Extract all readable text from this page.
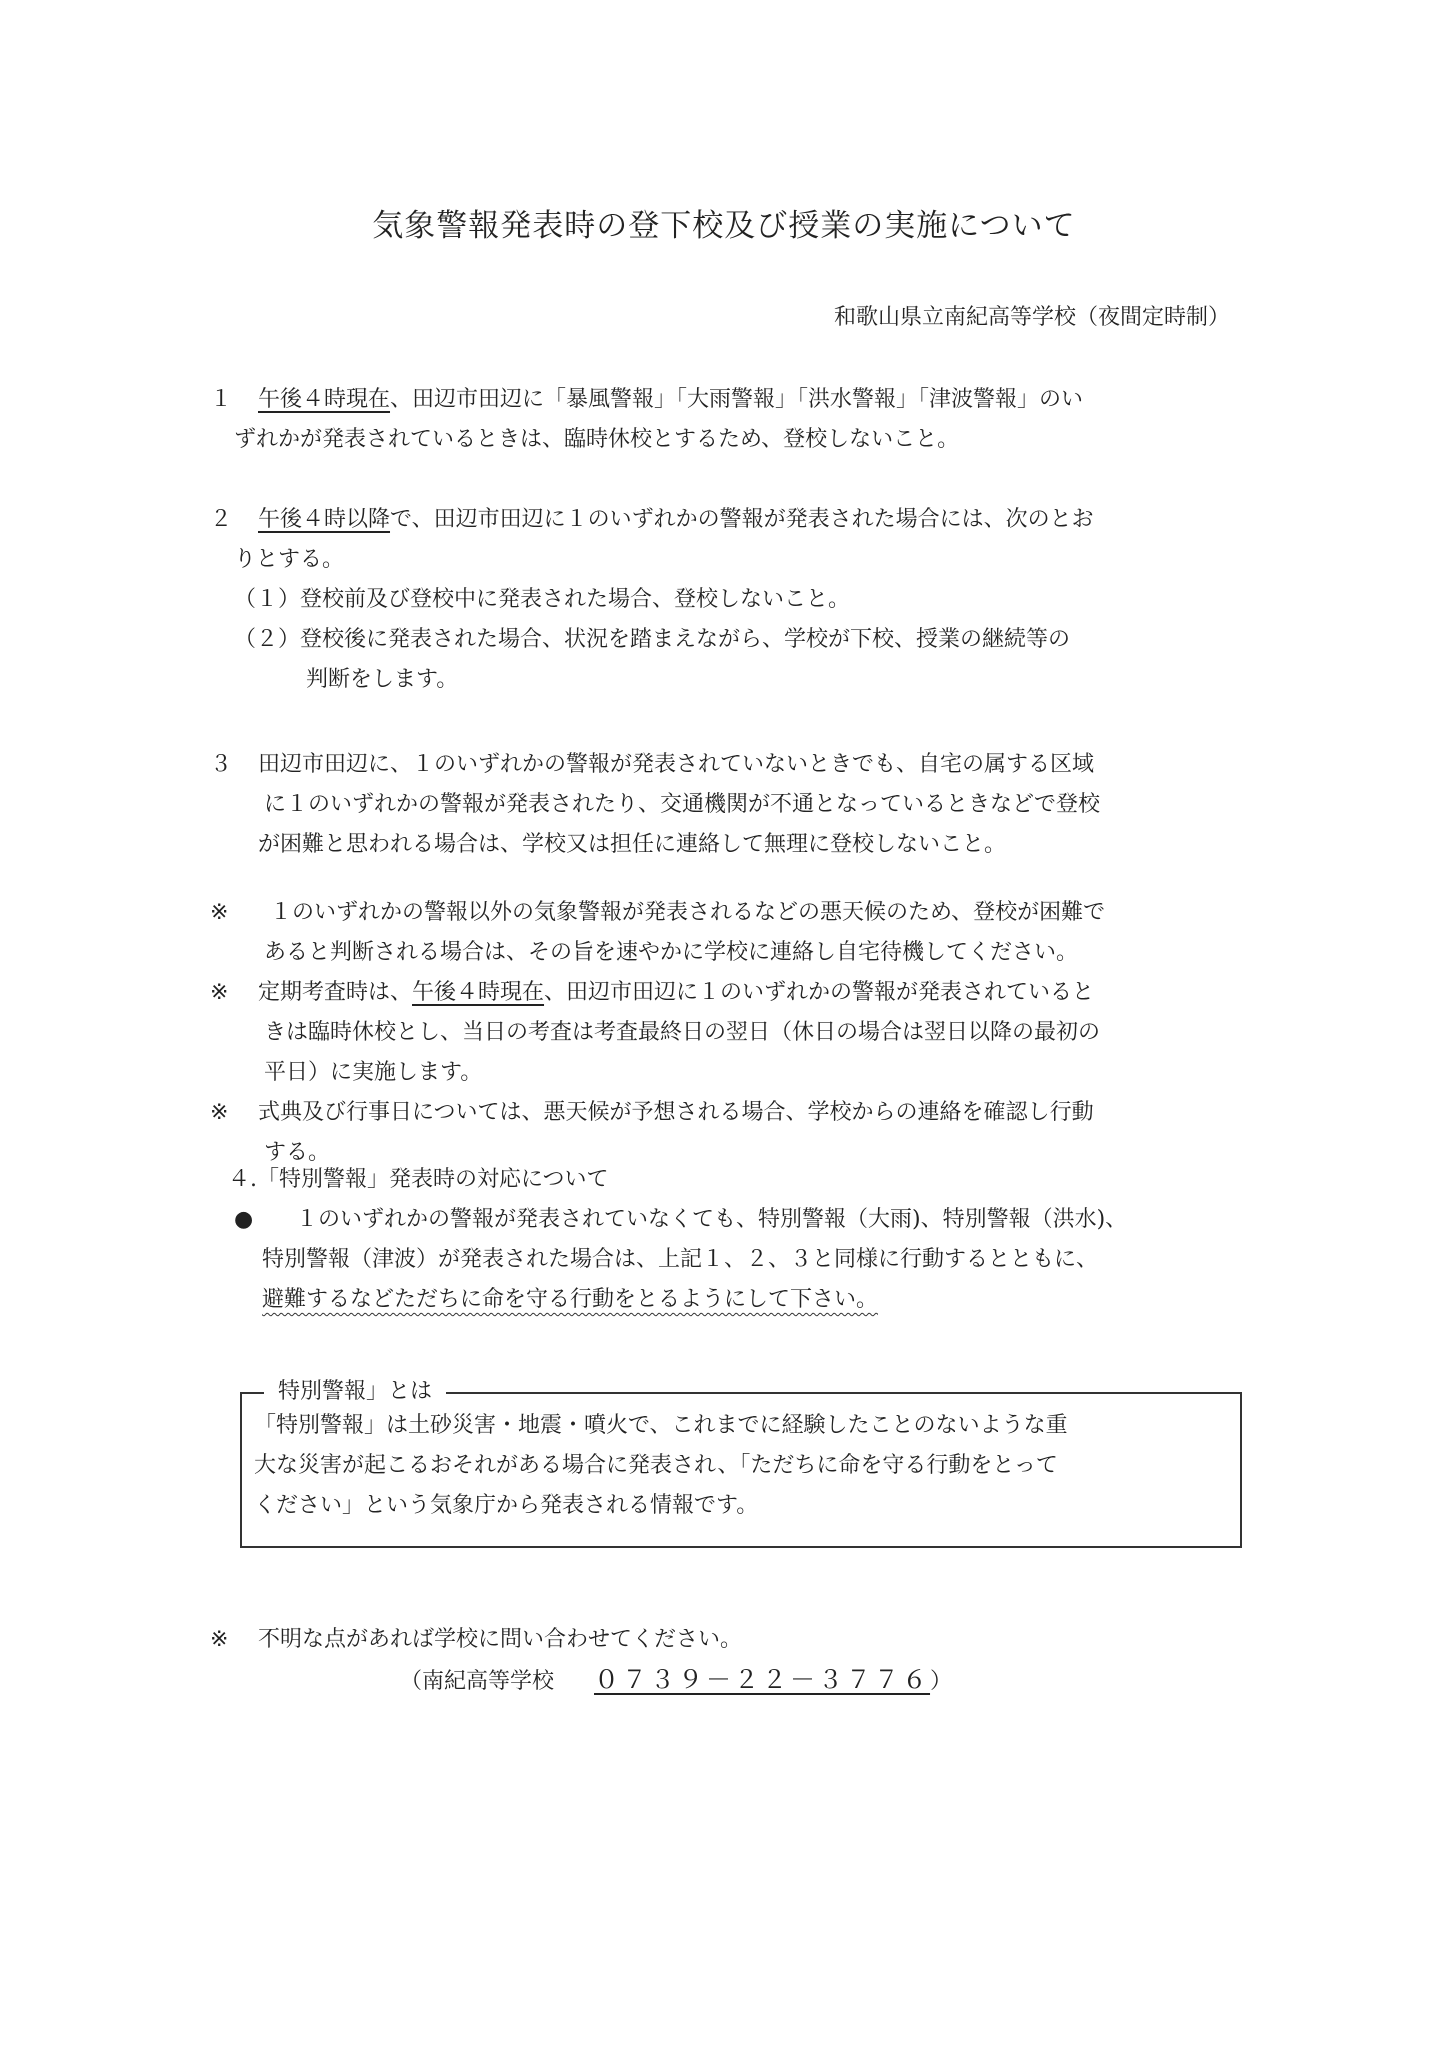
気象警報発表時の登下校及び授業の実施について
和歌山県立南紀高等学校（夜間定時制）
１ 午後４時現在、田辺市田辺に「暴風警報」「大雨警報」「洪水警報」「津波警報」のい
ずれかが発表されているときは、臨時休校とするため、登校しないこと。
２ 午後４時以降で、田辺市田辺に１のいずれかの警報が発表された場合には、次のとお
りとする。
（１）登校前及び登校中に発表された場合、登校しないこと。
（２）登校後に発表された場合、状況を踏まえながら、学校が下校、授業の継続等の
判断をします。
３ 田辺市田辺に、１のいずれかの警報が発表されていないときでも、自宅の属する区域
に１のいずれかの警報が発表されたり、交通機関が不通となっているときなどで登校
が困難と思われる場合は、学校又は担任に連絡して無理に登校しないこと。
※ １のいずれかの警報以外の気象警報が発表されるなどの悪天候のため、登校が困難で
あると判断される場合は、その旨を速やかに学校に連絡し自宅待機してください。
※ 定期考査時は、午後４時現在、田辺市田辺に１のいずれかの警報が発表されていると
きは臨時休校とし、当日の考査は考査最終日の翌日（休日の場合は翌日以降の最初の
平日）に実施します。
※ 式典及び行事日については、悪天候が予想される場合、学校からの連絡を確認し行動
する。
４.「特別警報」発表時の対応について
● １のいずれかの警報が発表されていなくても、特別警報（大雨)、特別警報（洪水)、
特別警報（津波）が発表された場合は、上記１、２、３と同様に行動するとともに、
避難するなどただちに命を守る行動をとるようにして下さい。
特別警報」とは
「特別警報」は土砂災害・地震・噴火で、これまでに経験したことのないような重
大な災害が起こるおそれがある場合に発表され、「ただちに命を守る行動をとって
ください」という気象庁から発表される情報です。
※ 不明な点があれば学校に問い合わせてください。
（南紀高等学校 ０７３９－２２－３７７６）
